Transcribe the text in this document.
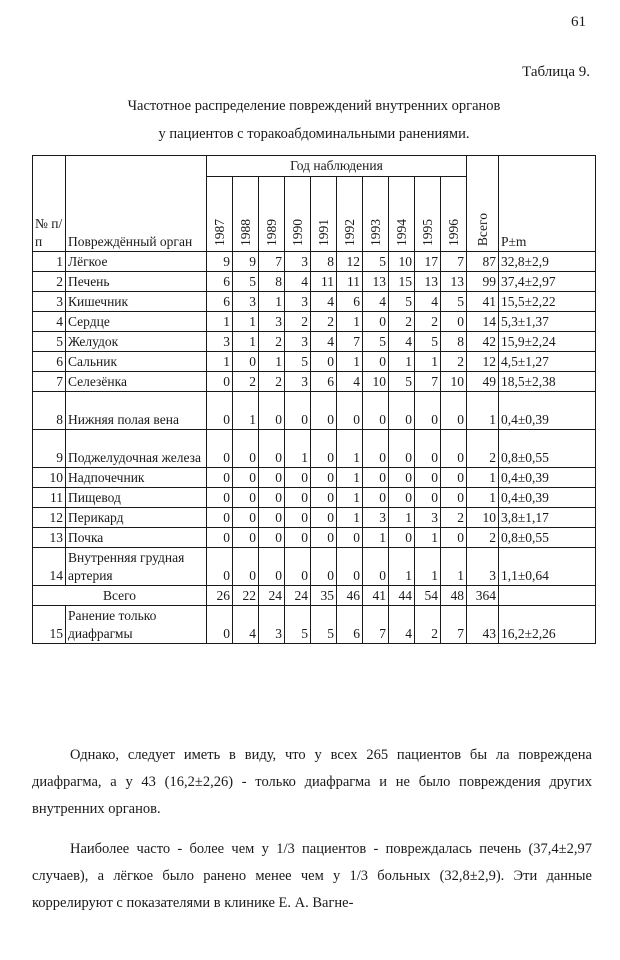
61
Таблица 9.
Частотное распределение повреждений внутренних органов
у пациентов с торакоабдоминальными ранениями.
№ п/п	Повреждённый орган	Год наблюдения										Всего	P±m
		1987	1988	1989	1990	1991	1992	1993	1994	1995	1996		
1	Лёгкое	9	9	7	3	8	12	5	10	17	7	87	32,8±2,9
2	Печень	6	5	8	4	11	11	13	15	13	13	99	37,4±2,97
3	Кишечник	6	3	1	3	4	6	4	5	4	5	41	15,5±2,22
4	Сердце	1	1	3	2	2	1	0	2	2	0	14	5,3±1,37
5	Желудок	3	1	2	3	4	7	5	4	5	8	42	15,9±2,24
6	Сальник	1	0	1	5	0	1	0	1	1	2	12	4,5±1,27
7	Селезёнка	0	2	2	3	6	4	10	5	7	10	49	18,5±2,38
8	Нижняя полая вена	0	1	0	0	0	0	0	0	0	0	1	0,4±0,39
9	Поджелудочная железа	0	0	0	1	0	1	0	0	0	0	2	0,8±0,55
10	Надпочечник	0	0	0	0	0	1	0	0	0	0	1	0,4±0,39
11	Пищевод	0	0	0	0	0	1	0	0	0	0	1	0,4±0,39
12	Перикард	0	0	0	0	0	1	3	1	3	2	10	3,8±1,17
13	Почка	0	0	0	0	0	0	1	0	1	0	2	0,8±0,55
14	Внутренняя грудная артерия	0	0	0	0	0	0	0	1	1	1	3	1,1±0,64
Всего		26	22	24	24	35	46	41	44	54	48	364	
15	Ранение только диафрагмы	0	4	3	5	5	6	7	4	2	7	43	16,2±2,26

Однако, следует иметь в виду, что у всех 265 пациентов бы ла повреждена диафрагма, а у 43 (16,2±2,26) - только диафрагма и не было повреждения других внутренних органов.

Наиболее часто - более чем у 1/3 пациентов - повреждалась печень (37,4±2,97 случаев), а лёгкое было ранено менее чем у 1/3 больных (32,8±2,9). Эти данные коррелируют с показателями в клинике Е. А. Вагне-
